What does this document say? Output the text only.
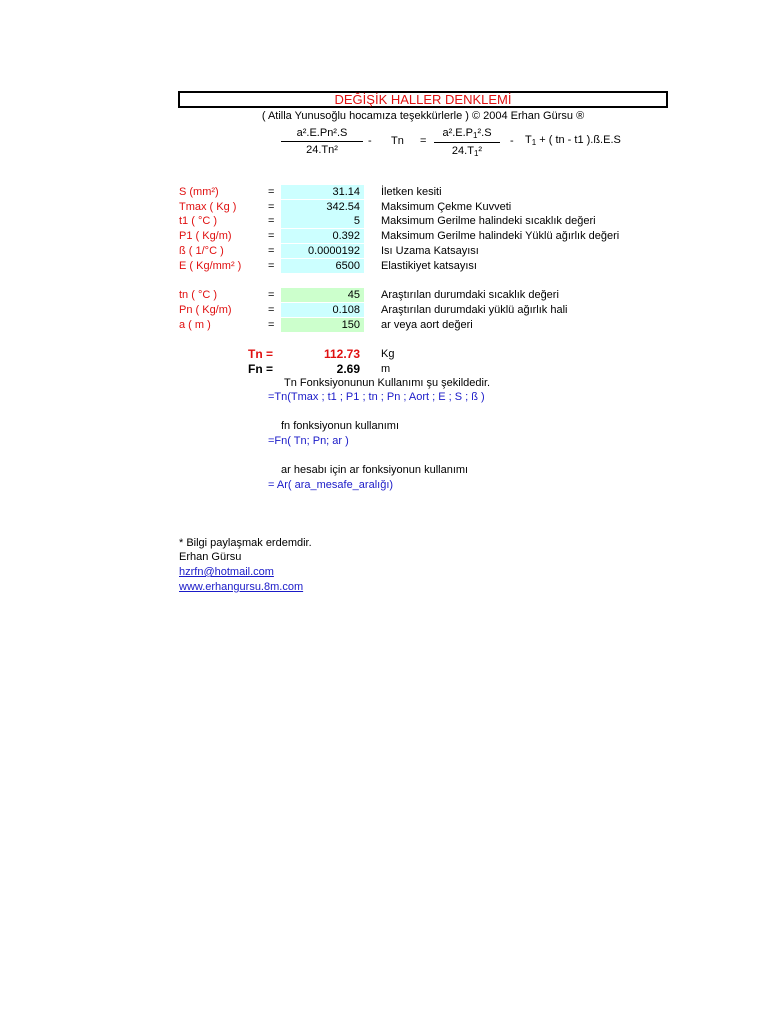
DEĞİŞİK HALLER DENKLEMİ
( Atilla Yunusoğlu hocamıza teşekkürlerle ) © 2004 Erhan Gürsu ®
$\frac{\text{a².E.Pn².S}}{\text{24.Tn²}} - Tn = \frac{a^2.E.P_1^2.S}{24.T_1^2} - T_1$ + ( tn - t1 ).ß.E.S
S (mm²)	=	31.14	İletken kesiti
Tmax ( Kg )	=	342.54	Maksimum Çekme Kuvveti
t1 ( °C )	=	5	Maksimum Gerilme halindeki sıcaklık değeri
P1 ( Kg/m)	=	0.392	Maksimum Gerilme halindeki Yüklü ağırlık değeri
ß ( 1/°C )	=	0.0000192	Isı Uzama Katsayısı
E ( Kg/mm² ) =	6500	Elastikiyet katsayısı
tn ( °C )	=	45	Araştırılan durumdaki sıcaklık değeri
Pn ( Kg/m)	=	0.108	Araştırılan durumdaki yüklü ağırlık hali
a ( m )	=	150	ar veya aort değeri
Tn =	112.73 Kg
Fn =	2.69 m
Tn Fonksiyonunun Kullanımı şu şekildedir.
=Tn(Tmax ; t1 ; P1 ; tn ; Pn ; Aort ; E ; S ; ß )
fn fonksiyonun kullanımı
=Fn( Tn; Pn; ar )
ar hesabı için ar fonksiyonun kullanımı
= Ar( ara_mesafe_aralığı)
* Bilgi paylaşmak erdemdir.
Erhan Gürsu
hzrfn@hotmail.com
www.erhangursu.8m.com
